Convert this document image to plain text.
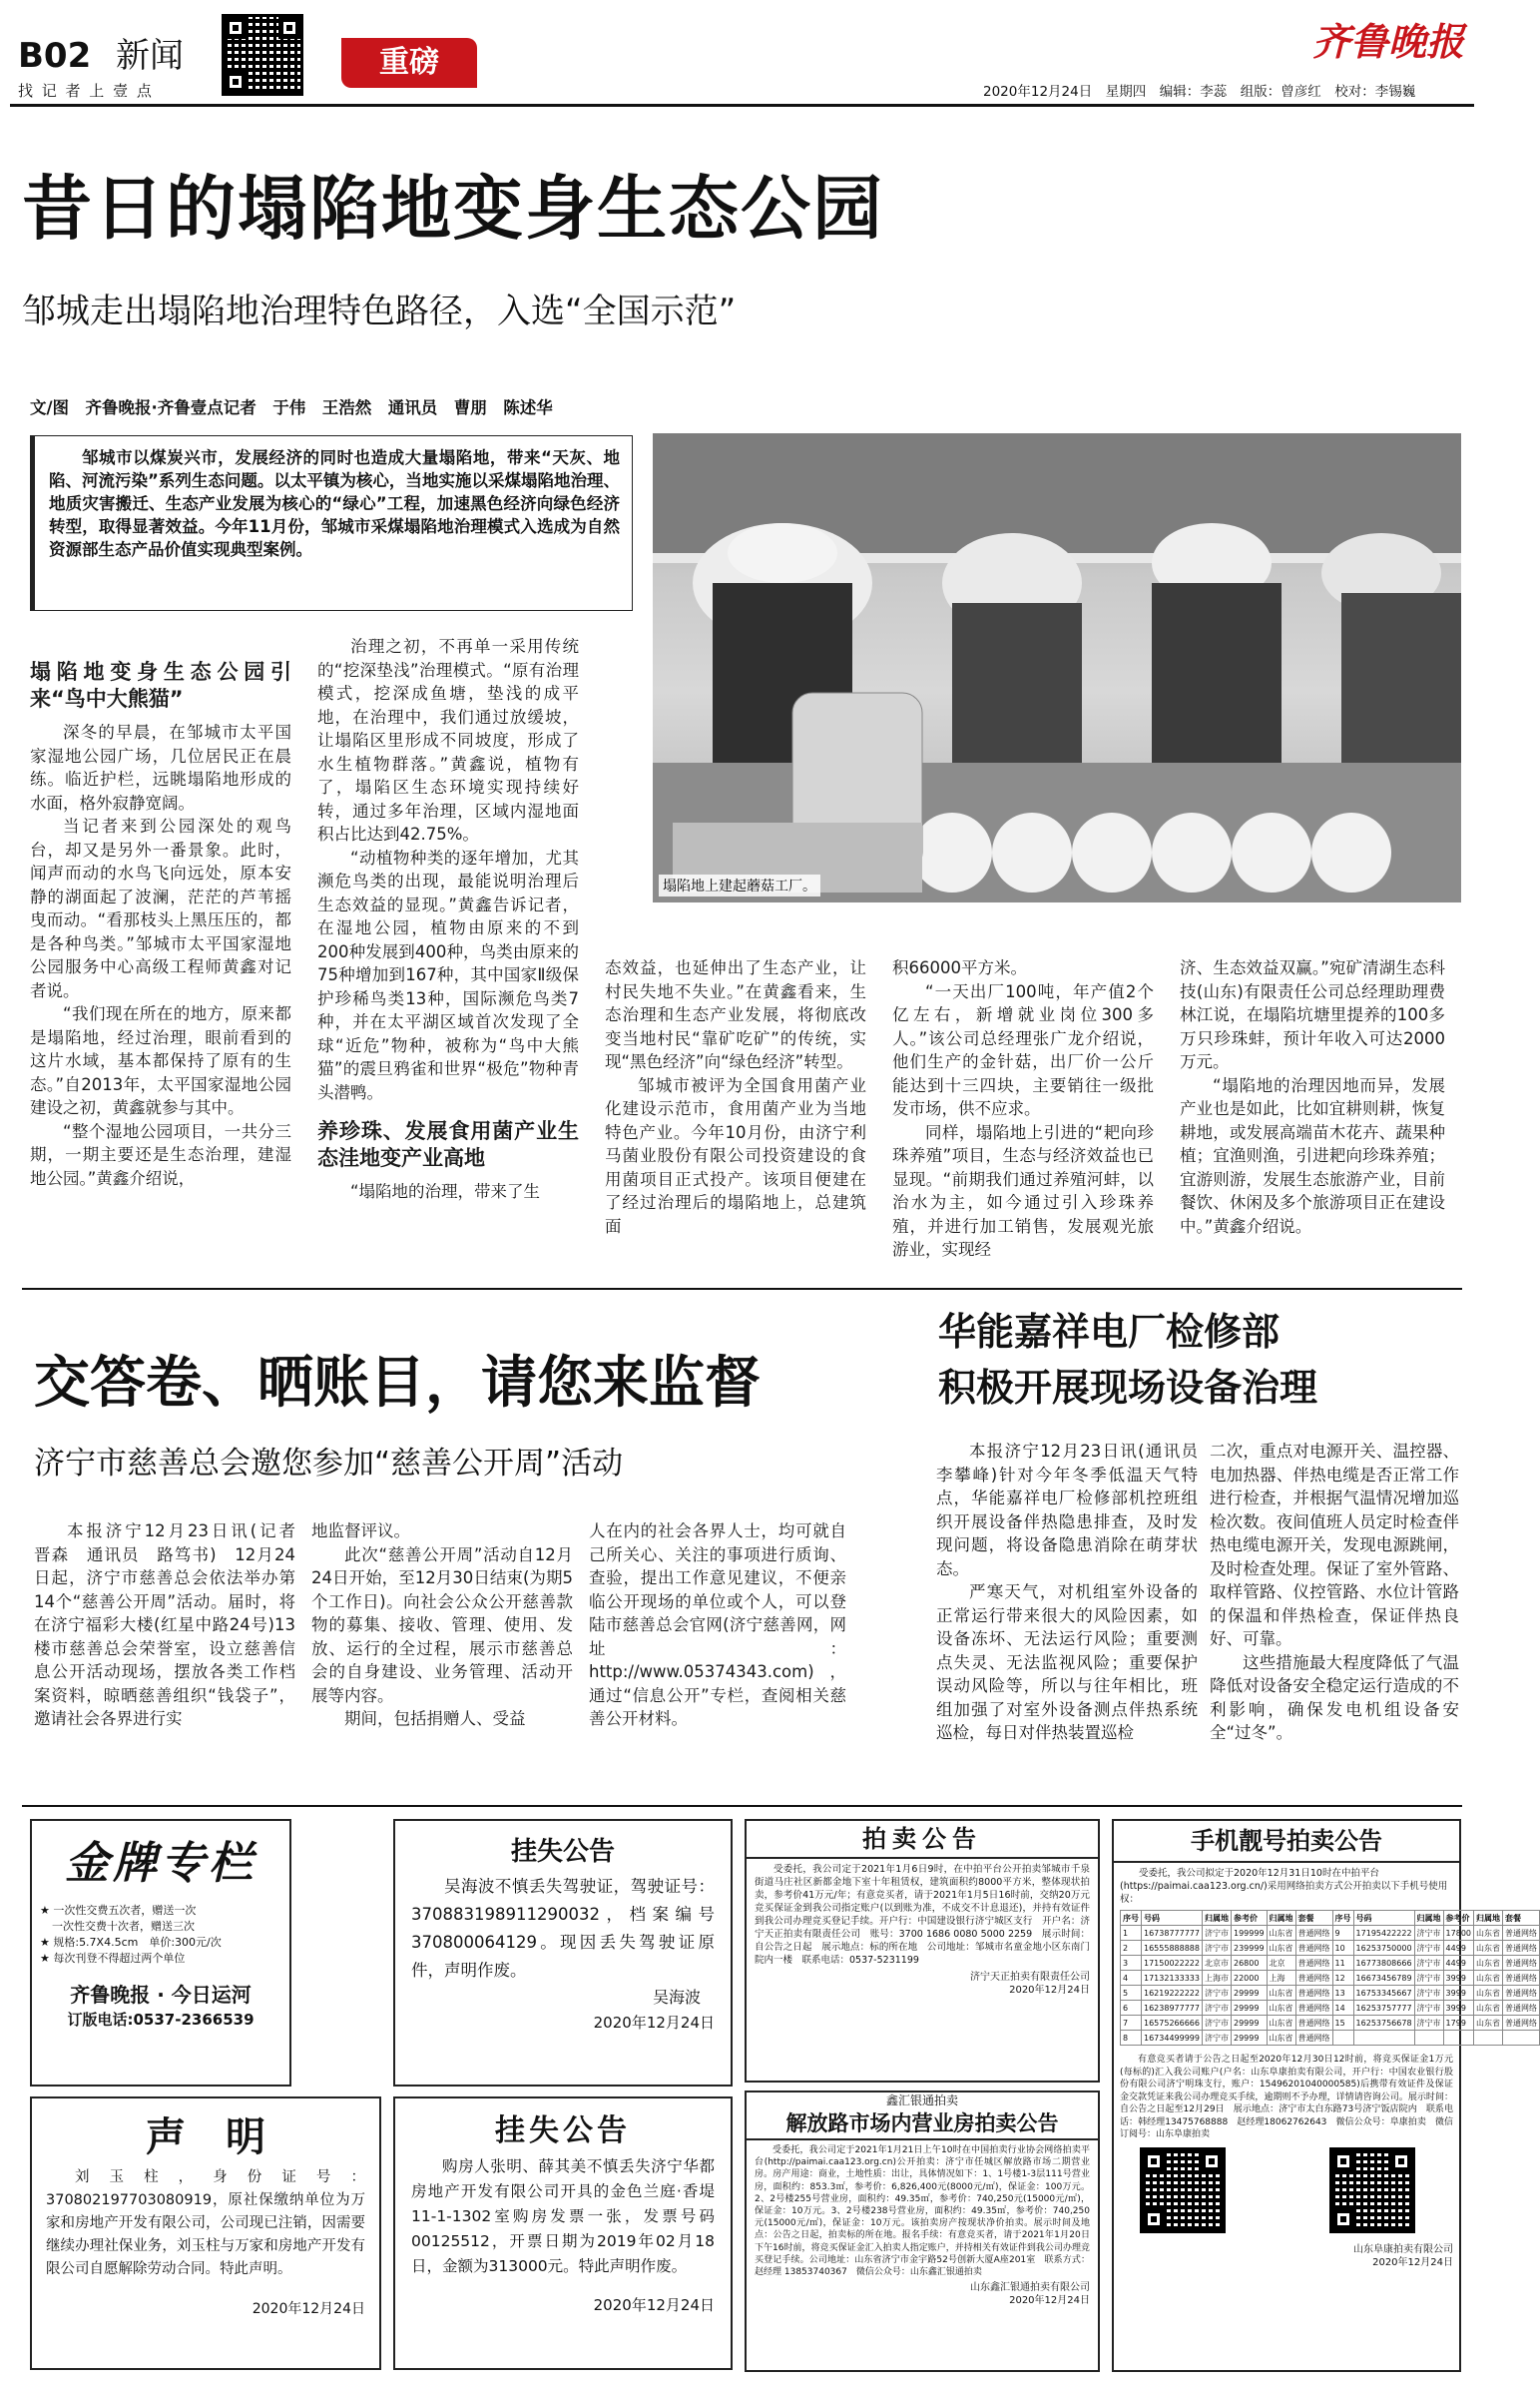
B02 新闻
找 记 者 上 壹 点
重磅	齐鲁晚报
2020年12月24日　星期四　编辑：李蕊　组版：曾彦红　校对：李锡巍
昔日的塌陷地变身生态公园
邹城走出塌陷地治理特色路径，入选“全国示范”
文/图　齐鲁晚报·齐鲁壹点记者　于伟　王浩然　通讯员　曹朋　陈述华
邹城市以煤炭兴市，发展经济的同时也造成大量塌陷地，带来“天灰、地陷、河流污染”系列生态问题。以太平镇为核心，当地实施以采煤塌陷地治理、地质灾害搬迁、生态产业发展为核心的“绿心”工程，加速黑色经济向绿色经济转型，取得显著效益。今年11月份，邹城市采煤塌陷地治理模式入选成为自然资源部生态产品价值实现典型案例。
塌陷地上建起蘑菇工厂。
塌陷地变身生态公园引来“鸟中大熊猫”

深冬的早晨，在邹城市太平国家湿地公园广场，几位居民正在晨练。临近护栏，远眺塌陷地形成的水面，格外寂静宽阔。

当记者来到公园深处的观鸟台，却又是另外一番景象。此时，闻声而动的水鸟飞向远处，原本安静的湖面起了波澜，茫茫的芦苇摇曳而动。“看那枝头上黑压压的，都是各种鸟类。”邹城市太平国家湿地公园服务中心高级工程师黄鑫对记者说。

“我们现在所在的地方，原来都是塌陷地，经过治理，眼前看到的这片水域，基本都保持了原有的生态。”自2013年，太平国家湿地公园建设之初，黄鑫就参与其中。

“整个湿地公园项目，一共分三期，一期主要还是生态治理，建湿地公园。”黄鑫介绍说，

治理之初，不再单一采用传统的“挖深垫浅”治理模式。“原有治理模式，挖深成鱼塘，垫浅的成平地，在治理中，我们通过放缓坡，让塌陷区里形成不同坡度，形成了水生植物群落。”黄鑫说，植物有了，塌陷区生态环境实现持续好转，通过多年治理，区域内湿地面积占比达到42.75%。

“动植物种类的逐年增加，尤其濒危鸟类的出现，最能说明治理后生态效益的显现。”黄鑫告诉记者，在湿地公园，植物由原来的不到200种发展到400种，鸟类由原来的75种增加到167种，其中国家Ⅱ级保护珍稀鸟类13种，国际濒危鸟类7种，并在太平湖区域首次发现了全球“近危”物种，被称为“鸟中大熊猫”的震旦鸦雀和世界“极危”物种青头潜鸭。

养珍珠、发展食用菌产业生态洼地变产业高地

“塌陷地的治理，带来了生

态效益，也延伸出了生态产业，让村民失地不失业。”在黄鑫看来，生态治理和生态产业发展，将彻底改变当地村民“靠矿吃矿”的传统，实现“黑色经济”向“绿色经济”转型。

邹城市被评为全国食用菌产业化建设示范市，食用菌产业为当地特色产业。今年10月份，由济宁利马菌业股份有限公司投资建设的食用菌项目正式投产。该项目便建在了经过治理后的塌陷地上，总建筑面

积66000平方米。

“一天出厂100吨，年产值2个亿左右，新增就业岗位300多人。”该公司总经理张广龙介绍说，他们生产的金针菇，出厂价一公斤能达到十三四块，主要销往一级批发市场，供不应求。

同样，塌陷地上引进的“耙向珍珠养殖”项目，生态与经济效益也已显现。“前期我们通过养殖河蚌，以治水为主，如今通过引入珍珠养殖，并进行加工销售，发展观光旅游业，实现经

济、生态效益双赢。”宛矿清湖生态科技(山东)有限责任公司总经理助理费林江说，在塌陷坑塘里提养的100多万只珍珠蚌，预计年收入可达2000万元。

“塌陷地的治理因地而异，发展产业也是如此，比如宜耕则耕，恢复耕地，或发展高端苗木花卉、蔬果种植；宜渔则渔，引进耙向珍珠养殖；宜游则游，发展生态旅游产业，目前餐饮、休闲及多个旅游项目正在建设中。”黄鑫介绍说。

交答卷、晒账目，请您来监督
济宁市慈善总会邀您参加“慈善公开周”活动

本报济宁12月23日讯(记者　晋森　通讯员　路笃书)　12月24日起，济宁市慈善总会依法举办第14个“慈善公开周”活动。届时，将在济宁福彩大楼(红星中路24号)13楼市慈善总会荣誉室，设立慈善信息公开活动现场，摆放各类工作档案资料，晾晒慈善组织“钱袋子”，邀请社会各界进行实

地监督评议。

此次“慈善公开周”活动自12月24日开始，至12月30日结束(为期5个工作日)。向社会公众公开慈善款物的募集、接收、管理、使用、发放、运行的全过程，展示市慈善总会的自身建设、业务管理、活动开展等内容。

期间，包括捐赠人、受益

人在内的社会各界人士，均可就自己所关心、关注的事项进行质询、查验，提出工作意见建议，不便亲临公开现场的单位或个人，可以登陆市慈善总会官网(济宁慈善网，网址：http://www.05374343.com)，通过“信息公开”专栏，查阅相关慈善公开材料。

华能嘉祥电厂检修部
积极开展现场设备治理

本报济宁12月23日讯(通讯员　李攀峰)针对今年冬季低温天气特点，华能嘉祥电厂检修部机控班组织开展设备伴热隐患排查，及时发现问题，将设备隐患消除在萌芽状态。

严寒天气，对机组室外设备的正常运行带来很大的风险因素，如设备冻坏、无法运行风险；重要测点失灵、无法监视风险；重要保护误动风险等，所以与往年相比，班组加强了对室外设备测点伴热系统巡检，每日对伴热装置巡检

二次，重点对电源开关、温控器、电加热器、伴热电缆是否正常工作进行检查，并根据气温情况增加巡检次数。夜间值班人员定时检查伴热电缆电源开关，发现电源跳闸，及时检查处理。保证了室外管路、取样管路、仪控管路、水位计管路的保温和伴热检查，保证伴热良好、可靠。

这些措施最大程度降低了气温降低对设备安全稳定运行造成的不利影响，确保发电机组设备安全“过冬”。

金牌专栏
★ 一次性交费五次者，赠送一次
一次性交费十次者，赠送三次
★ 规格:5.7X4.5cm　单价:300元/次
★ 每次刊登不得超过两个单位
齐鲁晚报 · 今日运河
订版电话:0537-2366539
声　明
刘玉柱，身份证号：370802197703080919，原社保缴纳单位为万家和房地产开发有限公司，公司现已注销，因需要继续办理社保业务，刘玉柱与万家和房地产开发有限公司自愿解除劳动合同。特此声明。
2020年12月24日
挂失公告
吴海波不慎丢失驾驶证，驾驶证号：370883198911290032，档案编号370800064129。现因丢失驾驶证原件，声明作废。
吴海波
2020年12月24日
挂失公告
购房人张明、薛其美不慎丢失济宁华都房地产开发有限公司开具的金色兰庭·香堤11-1-1302室购房发票一张，发票号码00125512，开票日期为2019年02月18日，金额为313000元。特此声明作废。
2020年12月24日
拍卖公告
受委托，我公司定于2021年1月6日9时，在中拍平台公开拍卖邹城市千泉街道马庄社区新都金地下室十年租赁权，建筑面积约8000平方米，整体现状拍卖，参考价41万元/年；有意竞买者，请于2021年1月5日16时前，交纳20万元竞买保证金到我公司指定账户(以到账为准，不成交不计息退还)，并持有效证件到我公司办理竞买登记手续。开户行：中国建设银行济宁城区支行　开户名：济宁天正拍卖有限责任公司　账号：3700 1686 0080 5000 2259　展示时间：自公告之日起　展示地点：标的所在地　公司地址：邹城市名童金地小区东南门院内一楼　联系电话：0537-5231199
济宁天正拍卖有限责任公司
2020年12月24日
鑫汇银通拍卖
解放路市场内营业房拍卖公告
受委托，我公司定于2021年1月21日上午10时在中国拍卖行业协会网络拍卖平台(http://paimai.caa123.org.cn)公开拍卖：济宁市任城区解放路市场二期营业房。房产用途：商业，土地性质：出让，具体情况如下：1、1号楼1-3层111号营业房，面积约：853.3㎡，参考价：6,826,400元(8000元/㎡)，保证金：100万元。2、2号楼255号营业房，面积约：49.35㎡，参考价：740,250元(15000元/㎡)，保证金：10万元。3、2号楼238号营业房，面积约：49.35㎡，参考价：740,250元(15000元/㎡)，保证金：10万元。该拍卖房产按现状净价拍卖。展示时间及地点：公告之日起，拍卖标的所在地。报名手续：有意竞买者，请于2021年1月20日下午16时前，将竞买保证金汇入拍卖人指定账户，并持相关有效证件到我公司办理竞买登记手续。公司地址：山东省济宁市金宇路52号创新大厦A座201室　联系方式：赵经理 13853740367　微信公众号：山东鑫汇银通拍卖
山东鑫汇银通拍卖有限公司
2020年12月24日
手机靓号拍卖公告
受委托，我公司拟定于2020年12月31日10时在中拍平台(https://paimai.caa123.org.cn/)采用网络拍卖方式公开拍卖以下手机号使用权：
序号	号码	归属地	参考价	归属地	套餐	序号	号码	归属地	参考价	归属地	套餐
1	16738777777	济宁市	199999	山东省	普通网络	9	17195422222	济宁市	17800	山东省	普通网络
2	16555888888	济宁市	239999	山东省	普通网络	10	16253750000	济宁市	4499	山东省	普通网络
3	17150022222	北京市	26800	北京	普通网络	11	16773808666	济宁市	4499	山东省	普通网络
4	17132133333	上海市	22000	上海	普通网络	12	16673456789	济宁市	3999	山东省	普通网络
5	16219222222	济宁市	29999	山东省	普通网络	13	16753345667	济宁市	3999	山东省	普通网络
6	16238977777	济宁市	29999	山东省	普通网络	14	16253757777	济宁市	3999	山东省	普通网络
7	16575266666	济宁市	29999	山东省	普通网络	15	16253756678	济宁市	1799	山东省	普通网络
8	16734499999	济宁市	29999	山东省	普通网络						
有意竞买者请于公告之日起至2020年12月30日12时前，将竞买保证金1万元(每标的)汇入我公司账户(户名：山东阜康拍卖有限公司，开户行：中国农业银行股份有限公司济宁明珠支行，账户：15496201040000585)后携带有效证件及保证金交款凭证来我公司办理竞买手续，逾期则不予办理，详情请咨询公司。展示时间：自公告之日起至12月29日　展示地点：济宁市太白东路73号济宁饭店院内　联系电话：韩经理13475768888　赵经理18062762643　微信公众号：阜康拍卖　微信订阅号：山东阜康拍卖
山东阜康拍卖有限公司
2020年12月24日
